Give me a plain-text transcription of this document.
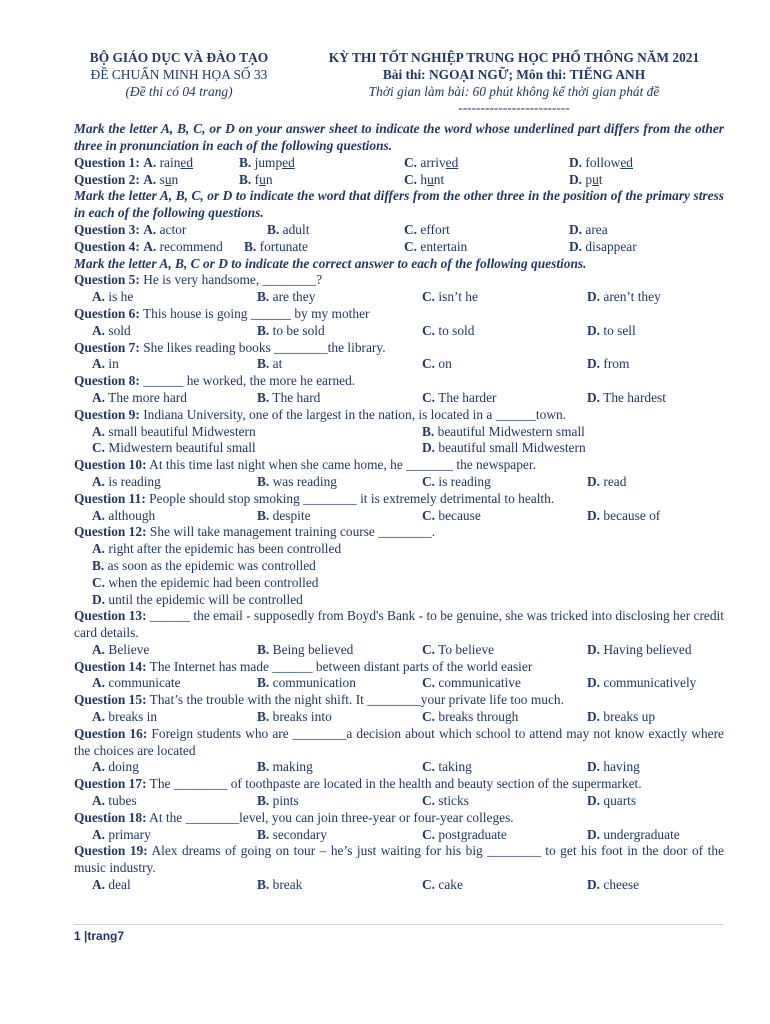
BỘ GIÁO DỤC VÀ ĐÀO TẠO
ĐỀ CHUẨN MINH HỌA SỐ 33
(Đề thi có 04 trang)
KỲ THI TỐT NGHIỆP TRUNG HỌC PHỔ THÔNG NĂM 2021
Bài thi: NGOẠI NGỮ; Môn thi: TIẾNG ANH
Thời gian làm bài: 60 phút không kể thời gian phát đề
-------------------------
Mark the letter A, B, C, or D on your answer sheet to indicate the word whose underlined part differs from the other three in pronunciation in each of the following questions.
Question 1: A. rained	B. jumped	C. arrived	D. followed
Question 2: A. sun	B. fun	C. hunt	D. put
Mark the letter A, B, C, or D to indicate the word that differs from the other three in the position of the primary stress in each of the following questions.
Question 3: A. actor	B. adult	C. effort	D. area
Question 4: A. recommend	B. fortunate	C. entertain	D. disappear
Mark the letter A, B, C or D to indicate the correct answer to each of the following questions.
Question 5: He is very handsome, ________?
A. is he	B. are they	C. isn’t he	D. aren’t they
Question 6: This house is going ______ by my mother
A. sold	B. to be sold	C. to sold	D. to sell
Question 7: She likes reading books ________the library.
A. in	B. at	C. on	D. from
Question 8: ______ he worked, the more he earned.
A. The more hard	B. The hard	C. The harder	D. The hardest
Question 9: Indiana University, one of the largest in the nation, is located in a ______town.
A. small beautiful Midwestern	B. beautiful Midwestern small
C. Midwestern beautiful small	D. beautiful small Midwestern
Question 10: At this time last night when she came home, he _______ the newspaper.
A. is reading	B. was reading	C. is reading	D. read
Question 11: People should stop smoking ________ it is extremely detrimental to health.
A. although	B. despite	C. because	D. because of
Question 12: She will take management training course ________.
A. right after the epidemic has been controlled
B. as soon as the epidemic was controlled
C. when the epidemic had been controlled
D. until the epidemic will be controlled
Question 13: ______ the email - supposedly from Boyd's Bank - to be genuine, she was tricked into disclosing her credit card details.
A. Believe	B. Being believed	C. To believe	D. Having believed
Question 14: The Internet has made ______ between distant parts of the world easier
A. communicate	B. communication	C. communicative	D. communicatively
Question 15: That’s the trouble with the night shift. It ________your private life too much.
A. breaks in	B. breaks into	C. breaks through	D. breaks up
Question 16: Foreign students who are ________a decision about which school to attend may not know exactly where the choices are located
A. doing	B. making	C. taking	D. having
Question 17: The ________ of toothpaste are located in the health and beauty section of the supermarket.
A. tubes	B. pints	C. sticks	D. quarts
Question 18: At the ________level, you can join three-year or four-year colleges.
A. primary	B. secondary	C. postgraduate	D. undergraduate
Question 19: Alex dreams of going on tour – he’s just waiting for his big ________ to get his foot in the door of the music industry.
A. deal	B. break	C. cake	D. cheese
1 |trang7
